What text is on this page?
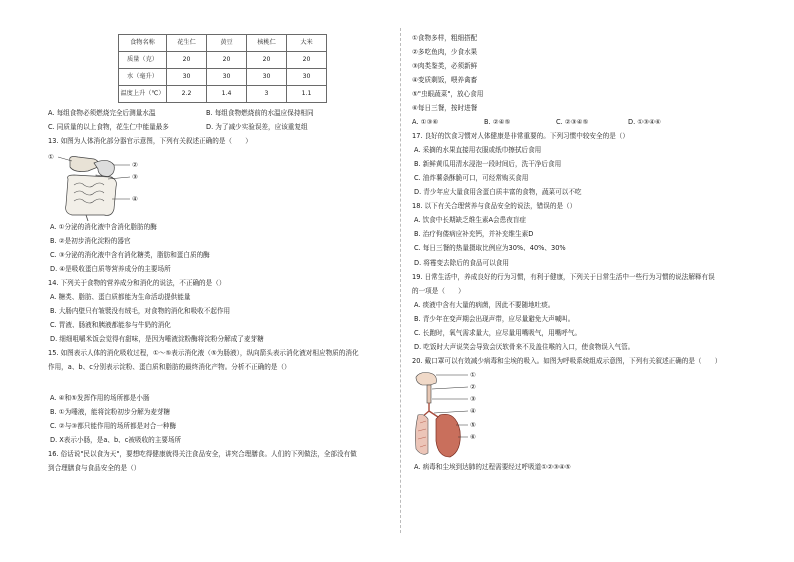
食物名称	花生仁	黄豆	核桃仁	大米
质量（克）	20	20	20	20
水（毫升）	30	30	30	30
温度上升（℃）	2.2	1.4	3	1.1
A. 每组食物必须燃烧完全后测量水温	B. 每组食物燃烧前的水温应保持相同
C. 同质量的以上食物，花生仁中能量最多	D. 为了减少实验误差，应该重复组
13. 如图为人体消化部分器官示意图，下列有关叙述正确的是（　　）
①
②
③
④
A. ①分泌的消化液中含消化脂肪的酶
B. ②是初步消化淀粉的器官
C. ③分泌的消化液中含有消化糖类，脂肪和蛋白质的酶
D. ④是吸收蛋白质等营养成分的主要场所
14. 下列关于食物的营养成分和消化的说法，不正确的是（）
A. 糖类、脂肪、蛋白质都能为生命活动提供能量
B. 大肠内壁只有皱襞没有绒毛，对食物的消化和吸收不起作用
C. 胃液、肠液和胰液都能参与牛奶的消化
D. 细细咀嚼米饭会觉得有甜味，是因为唾液淀粉酶将淀粉分解成了麦芽糖
15. 如图表示人体的消化吸收过程，①～⑤表示消化液（⑤为肠液），纵向箭头表示消化液对相应物质的消化
作用，a、b、c分别表示淀粉、蛋白质和脂肪的最终消化产物。分析不正确的是（）
A. ④和⑤发挥作用的场所都是小肠
B. ①为唾液，能将淀粉初步分解为麦芽糖
C. ②与③都只能作用的场所都是对合一种酶
D. X表示小肠，是a、b、c被吸收的主要场所
16. 俗话说"民以食为天"，要想吃得健康就得关注食品安全，讲究合理膳食。人们的下列做法，全部没有做
到合理膳食与食品安全的是（）
①食物多样，粗细搭配
②多吃鱼肉，少食水果
③肉类鉴类，必须新鲜
④变质剩饭，喂养禽畜
⑤"虫眼蔬菜"，放心食用
⑥每日三餐，按时进餐
A. ①③⑥	B. ②④⑤	C. ②③④⑤	D. ①③④⑥
17. 良好的饮食习惯对人体健康是非常重要的。下列习惯中较安全的是（）
A. 采摘的水果直接用衣服或纸巾擦拭后食用
B. 新鲜黄瓜用清水浸泡一段时间后，洗干净后食用
C. 油炸薯条酥脆可口，可经常购买食用
D. 青少年应大量食用含蛋白质丰富的食物，蔬菜可以不吃
18. 以下有关合理营养与食品安全的说法，错误的是（）
A. 饮食中长期缺乏维生素A会患夜盲症
B. 治疗佝偻病应补充钙，并补充维生素D
C. 每日三餐的热量摄取比例应为30%、40%、30%
D. 将霉变去除后的食品可以食用
19. 日常生活中，养成良好的行为习惯，有利于健康，下列关于日常生活中一些行为习惯的说法解释有误
的一项是（　　）
A. 痰液中含有大量的病菌，因此不要随地吐痰。
B. 青少年在变声期会出现声带，应尽量避免大声喊叫。
C. 长跑时，氧气需求量大，应尽量用嘴吸气，用嘴呼气。
D. 吃饭时大声说笑会导致会厌软骨来不及盖住喉的入口，使食物误入气管。
20. 戴口罩可以有效减少病毒和尘埃的吸入。如图为呼吸系统组成示意图，下列有关叙述正确的是（　　）
①
②
③
④
⑤
⑥
A. 病毒和尘埃到达肺的过程需要经过呼吸道①②③④⑤
